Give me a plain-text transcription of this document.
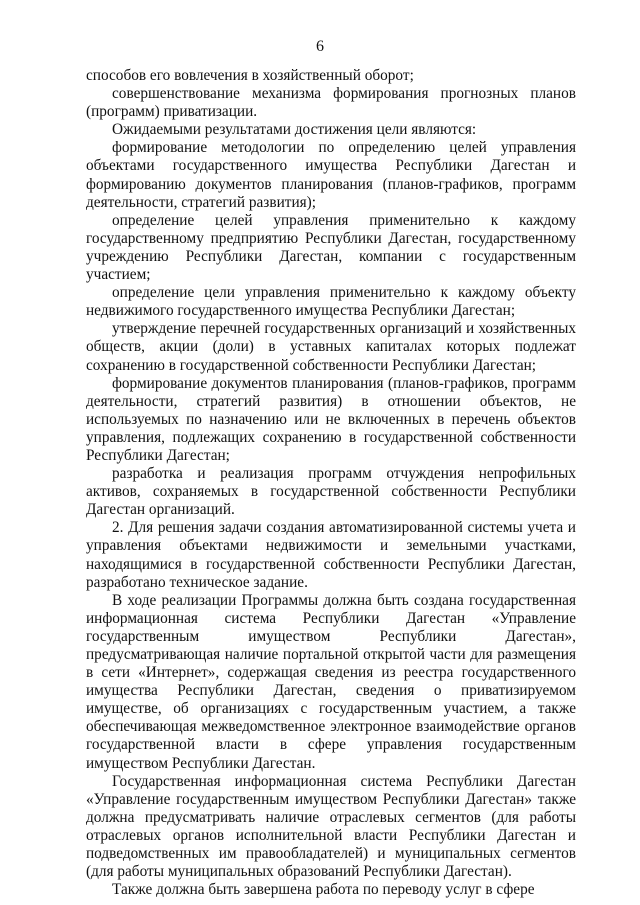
6

способов его вовлечения в хозяйственный оборот;

совершенствование механизма формирования прогнозных планов (программ) приватизации.

Ожидаемыми результатами достижения цели являются:

формирование методологии по определению целей управления объектами государственного имущества Республики Дагестан и формированию документов планирования (планов-графиков, программ деятельности, стратегий развития);

определение целей управления применительно к каждому государственному предприятию Республики Дагестан, государственному учреждению Республики Дагестан, компании с государственным участием;

определение цели управления применительно к каждому объекту недвижимого государственного имущества Республики Дагестан;

утверждение перечней государственных организаций и хозяйственных обществ, акции (доли) в уставных капиталах которых подлежат сохранению в государственной собственности Республики Дагестан;

формирование документов планирования (планов-графиков, программ деятельности, стратегий развития) в отношении объектов, не используемых по назначению или не включенных в перечень объектов управления, подлежащих сохранению в государственной собственности Республики Дагестан;

разработка и реализация программ отчуждения непрофильных активов, сохраняемых в государственной собственности Республики Дагестан организаций.

2. Для решения задачи создания автоматизированной системы учета и управления объектами недвижимости и земельными участками, находящимися в государственной собственности Республики Дагестан, разработано техническое задание.

В ходе реализации Программы должна быть создана государственная информационная система Республики Дагестан «Управление государственным имуществом Республики Дагестан», предусматривающая наличие портальной открытой части для размещения в сети «Интернет», содержащая сведения из реестра государственного имущества Республики Дагестан, сведения о приватизируемом имуществе, об организациях с государственным участием, а также обеспечивающая межведомственное электронное взаимодействие органов государственной власти в сфере управления государственным имуществом Республики Дагестан.

Государственная информационная система Республики Дагестан «Управление государственным имуществом Республики Дагестан» также должна предусматривать наличие отраслевых сегментов (для работы отраслевых органов исполнительной власти Республики Дагестан и подведомственных им правообладателей) и муниципальных сегментов (для работы муниципальных образований Республики Дагестан).

Также должна быть завершена работа по переводу услуг в сфере
